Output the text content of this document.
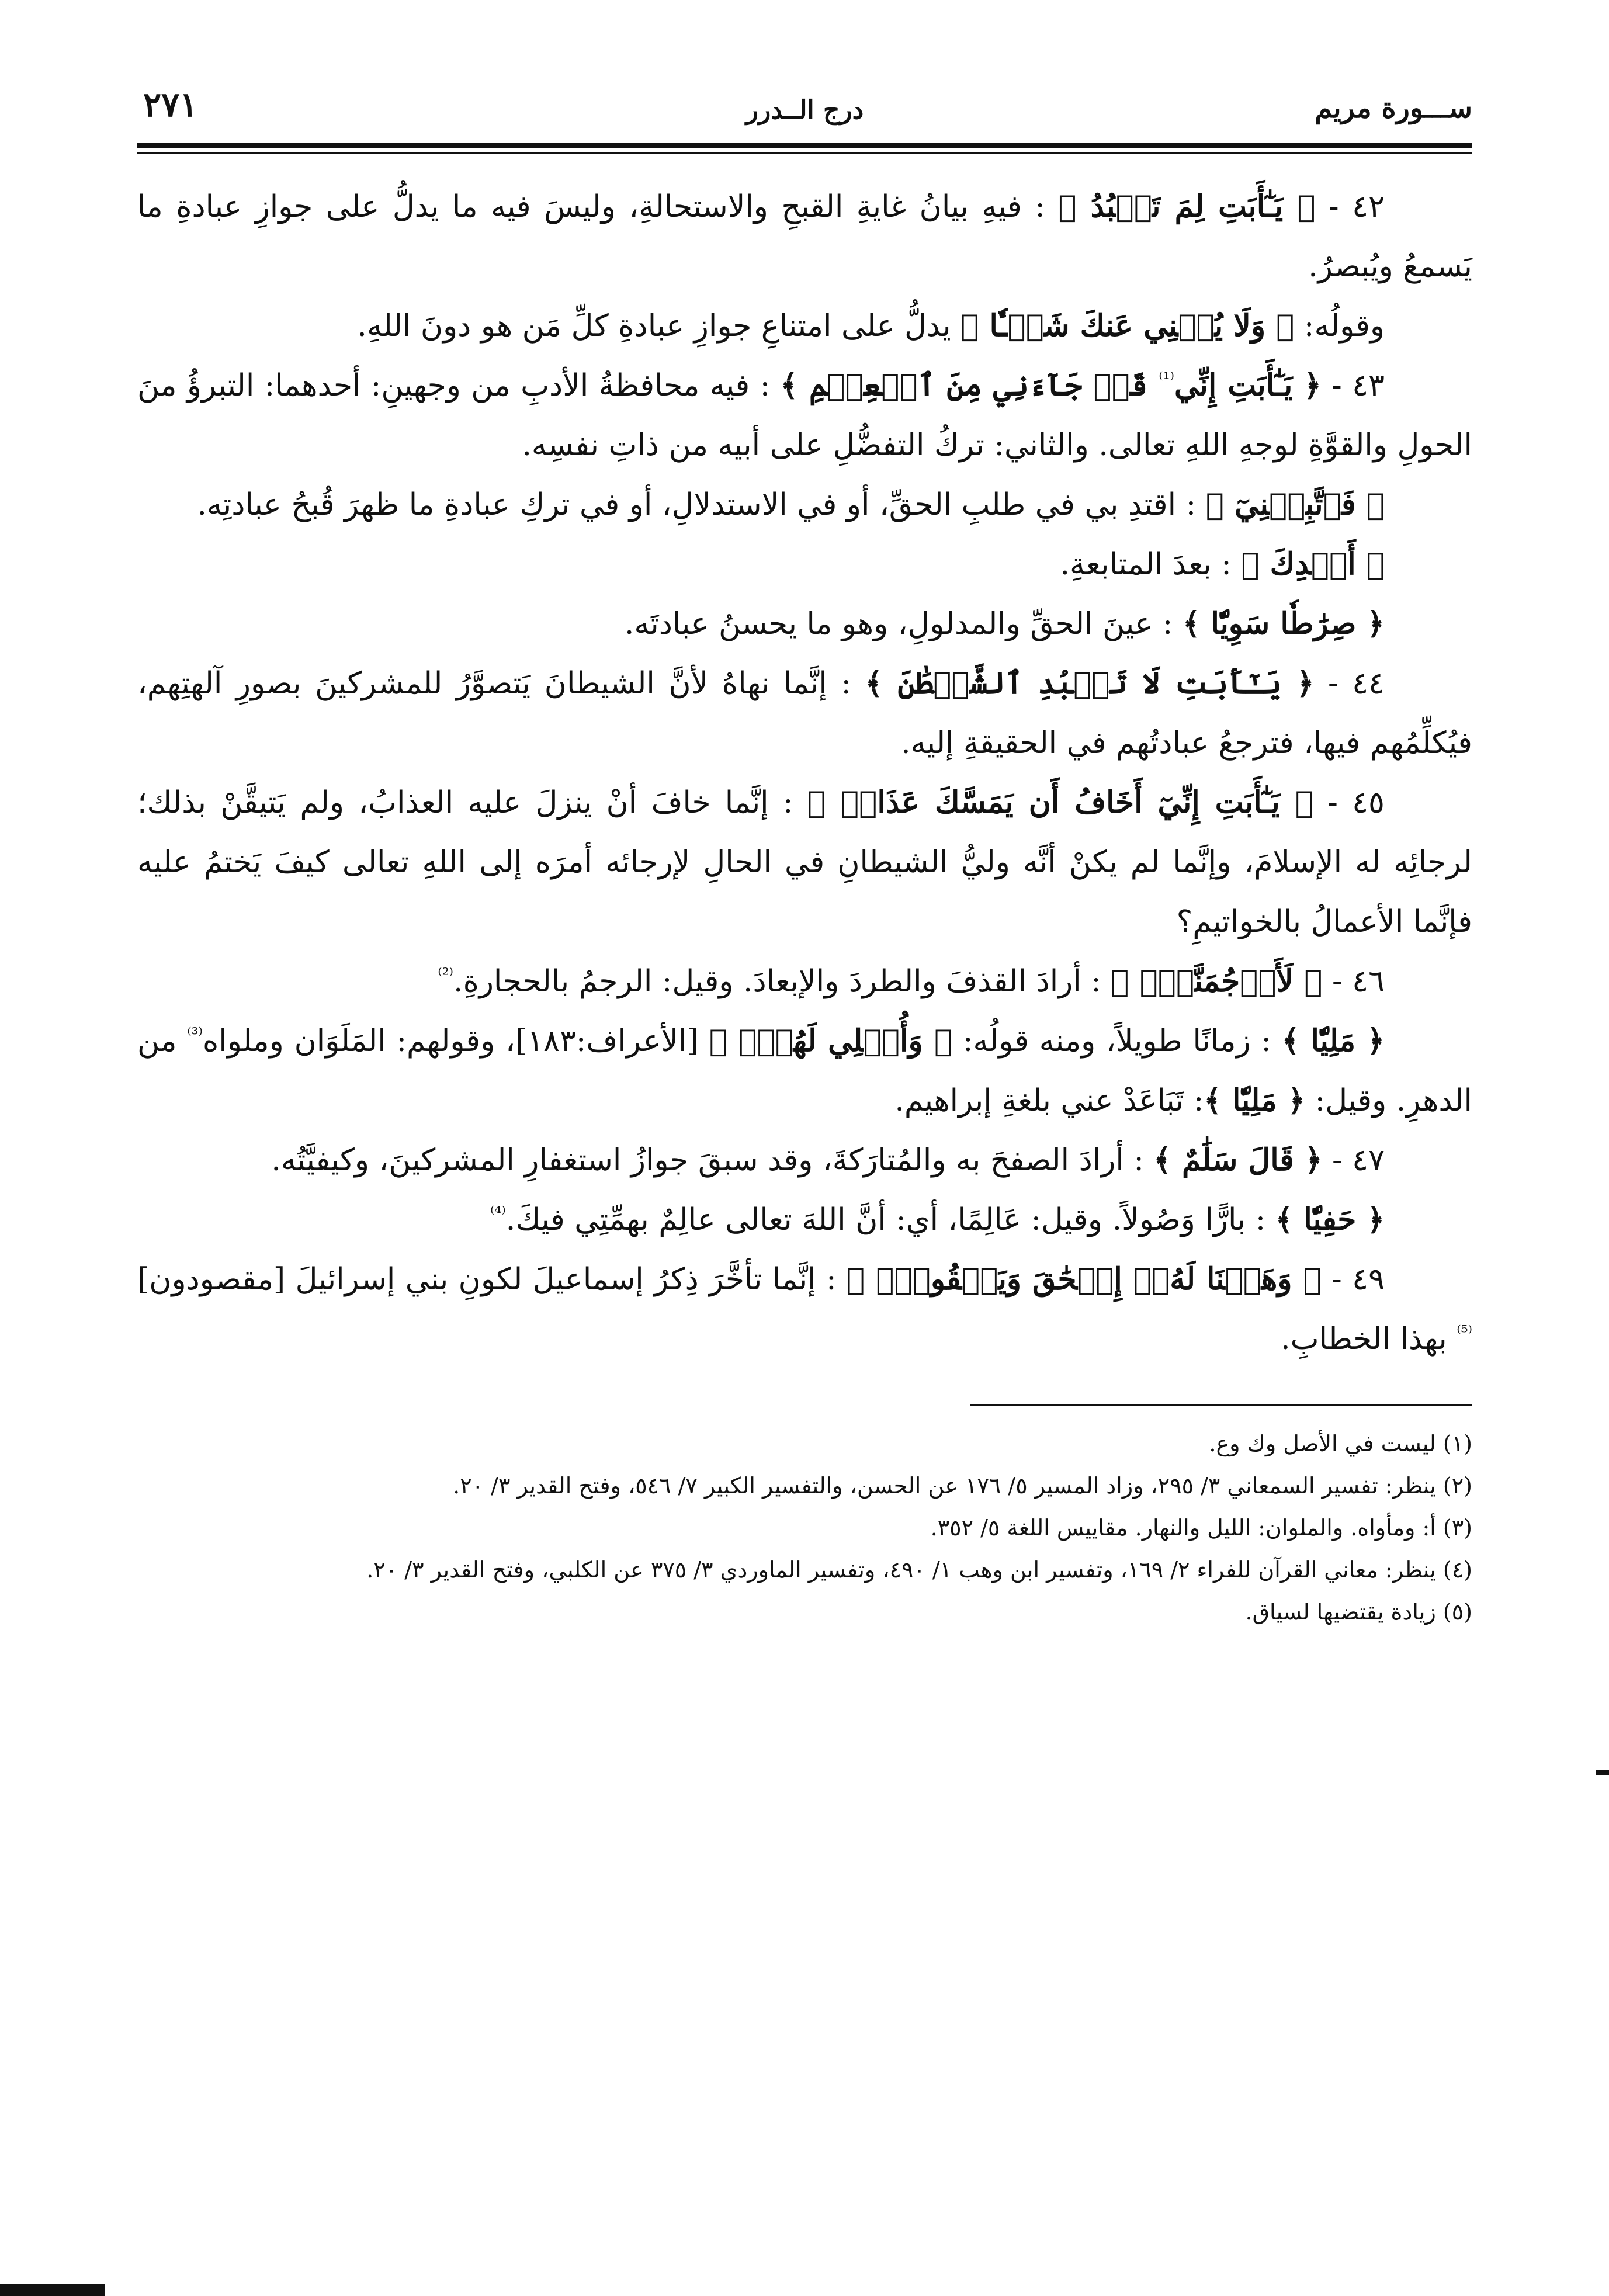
ســـورة مريم
درج الــدرر
٢٧١

٤٢ - ﴿ يَـٰٓأَبَتِ لِمَ تَعۡبُدُ ﴾ : فيهِ بيانُ غايةِ القبحِ والاستحالةِ، وليسَ فيه ما يدلُّ على جوازِ عبادةِ ما يَسمعُ ويُبصرُ.

وقولُه: ﴿ وَلَا يُغۡنِي عَنكَ شَيۡـٔٗا ﴾ يدلُّ على امتناعِ جوازِ عبادةِ كلِّ مَن هو دونَ اللهِ.

٤٣ - ﴿ يَـٰٓأَبَتِ إِنِّي$^{^{(1)}}$ قَدۡ جَآءَنِي مِنَ ٱلۡعِلۡمِ ﴾ : فيه محافظةُ الأدبِ من وجهينِ: أحدهما: التبرؤُ منَ الحولِ والقوَّةِ لوجهِ اللهِ تعالى. والثاني: تركُ التفضُّلِ على أبيه من ذاتِ نفسِه.

﴿ فَٱتَّبِعۡنِيٓ ﴾ : اقتدِ بي في طلبِ الحقِّ، أو في الاستدلالِ، أو في تركِ عبادةِ ما ظهرَ قُبحُ عبادتِه.

﴿ أَهۡدِكَ ﴾ : بعدَ المتابعةِ.

﴿ صِرَٰطٗا سَوِيّٗا ﴾ : عينَ الحقِّ والمدلولِ، وهو ما يحسنُ عبادتَه.

٤٤ - ﴿ يَـٰٓأَبَتِ لَا تَعۡبُدِ ٱلشَّيۡطَٰنَ ﴾ : إنَّما نهاهُ لأنَّ الشيطانَ يَتصوَّرُ للمشركينَ بصورِ آلهتِهم، فيُكلِّمُهم فيها، فترجعُ عبادتُهم في الحقيقةِ إليه.

٤٥ - ﴿ يَـٰٓأَبَتِ إِنِّيٓ أَخَافُ أَن يَمَسَّكَ عَذَابٞ ﴾ : إنَّما خافَ أنْ ينزلَ عليه العذابُ، ولم يَتيقَّنْ بذلك؛ لرجائِه له الإسلامَ، وإنَّما لم يكنْ أنَّه وليُّ الشيطانِ في الحالِ لإرجائه أمرَه إلى اللهِ تعالى كيفَ يَختمُ عليه فإنَّما الأعمالُ بالخواتيمِ؟

٤٦ - ﴿ لَأَرۡجُمَنَّكَۖ ﴾ : أرادَ القذفَ والطردَ والإبعادَ. وقيل: الرجمُ بالحجارةِ.$^{^{(2)}}$

﴿ مَلِيّٗا ﴾ : زمانًا طويلاً، ومنه قولُه: ﴿ وَأُمۡلِي لَهُمۡۚ ﴾ [الأعراف:١٨٣]، وقولهم: المَلَوَان وملواه$^{^{(3)}}$ من الدهرِ. وقيل: ﴿ مَلِيّٗا ﴾: تَبَاعَدْ عني بلغةِ إبراهيم.

٤٧ - ﴿ قَالَ سَلَٰمٌ ﴾ : أرادَ الصفحَ به والمُتارَكةَ، وقد سبقَ جوازُ استغفارِ المشركينَ، وكيفيَّتُه.

﴿ حَفِيّٗا ﴾ : بارًّا وَصُولاً. وقيل: عَالِمًا، أي: أنَّ اللهَ تعالى عالِمٌ بهمِّتِي فيكَ.$^{^{(4)}}$

٤٩ - ﴿ وَهَبۡنَا لَهُۥٓ إِسۡحَٰقَ وَيَعۡقُوبَۖ ﴾ : إنَّما تأخَّرَ ذِكرُ إسماعيلَ لكونِ بني إسرائيلَ [مقصودون]$^{^{(5)}}$ بهذا الخطابِ.

(١) ليست في الأصل وك وع.

(٢) ينظر: تفسير السمعاني ٣/ ٢٩٥، وزاد المسير ٥/ ١٧٦ عن الحسن، والتفسير الكبير ٧/ ٥٤٦، وفتح القدير ٣/ ٢٠.

(٣) أ: ومأواه. والملوان: الليل والنهار. مقاييس اللغة ٥/ ٣٥٢.

(٤) ينظر: معاني القرآن للفراء ٢/ ١٦٩، وتفسير ابن وهب ١/ ٤٩٠، وتفسير الماوردي ٣/ ٣٧٥ عن الكلبي، وفتح القدير ٣/ ٢٠.

(٥) زيادة يقتضيها لسياق.
